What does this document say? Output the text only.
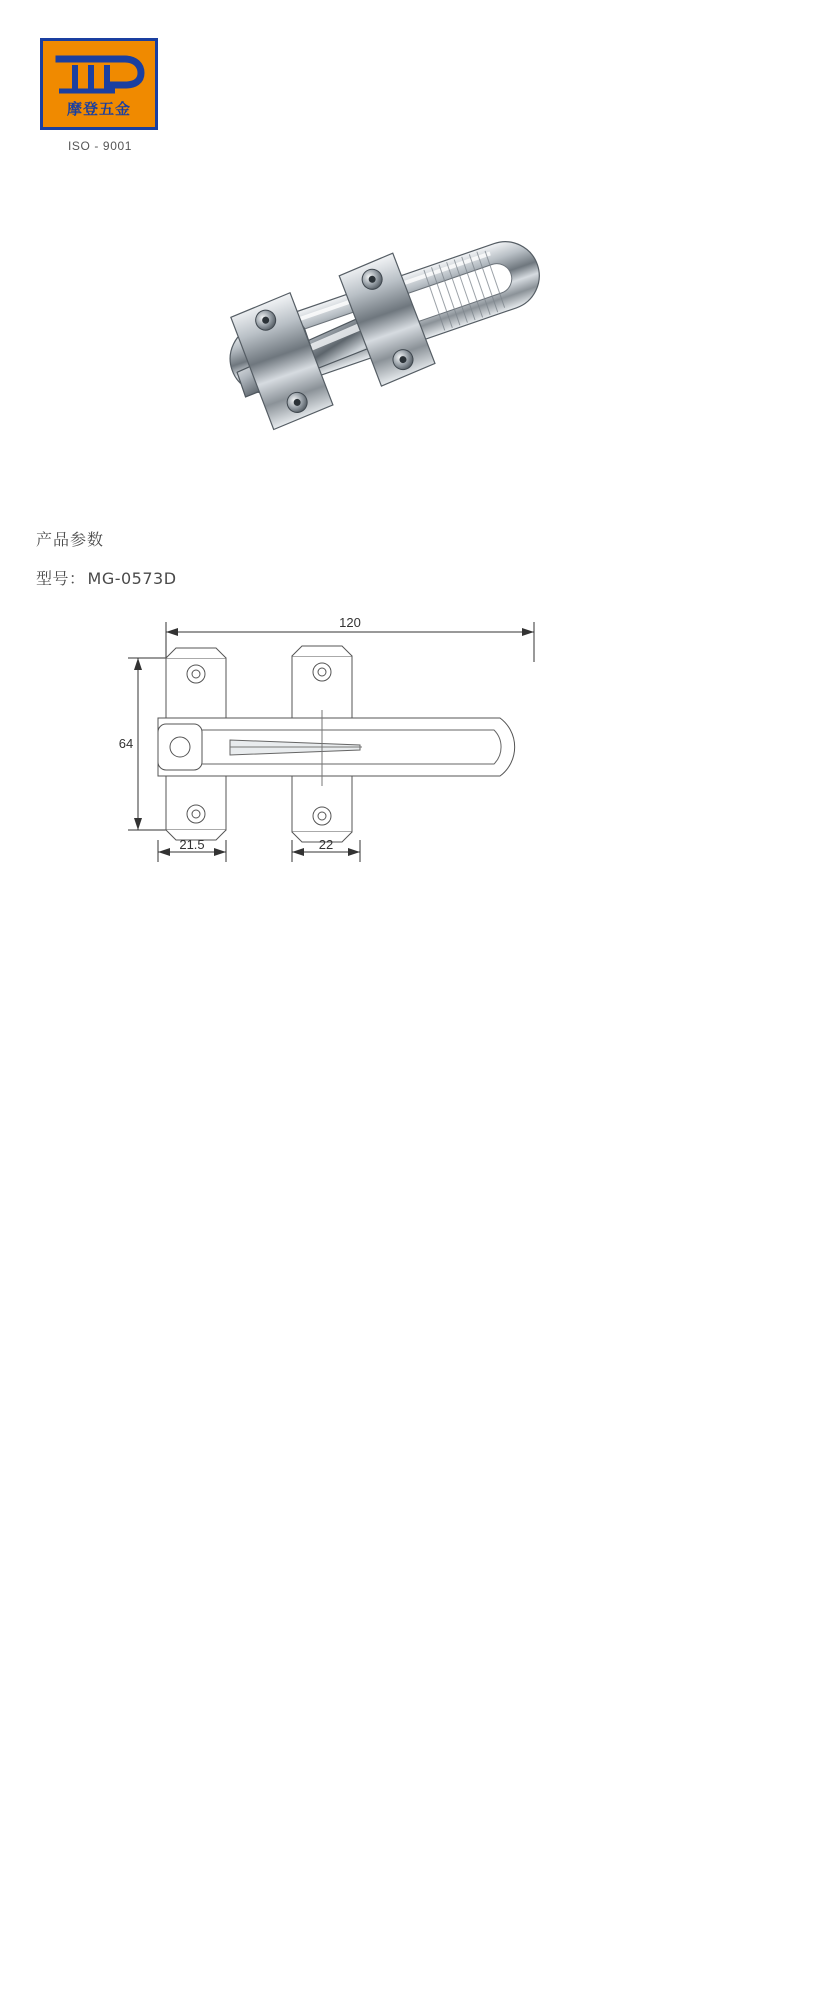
摩登五金
ISO - 9001
产品参数
型号： MG-0573D
120
64
21.5	22
